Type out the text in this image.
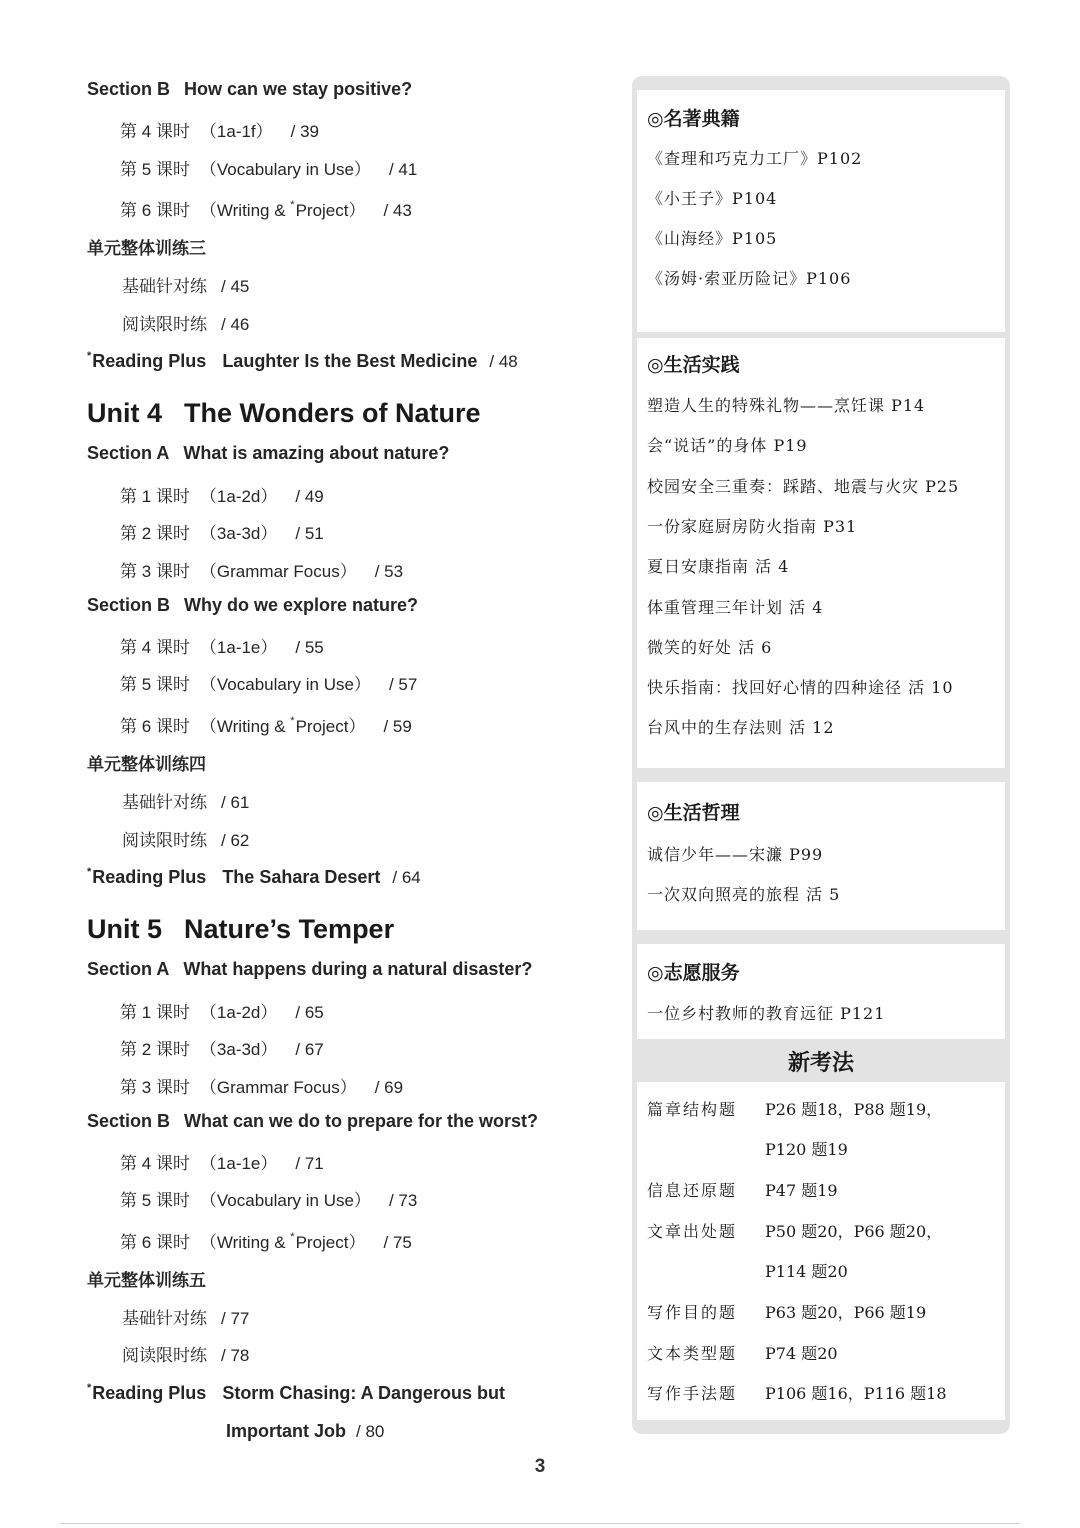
Section B How can we stay positive?
第 4 课时 （1a-1f） / 39
第 5 课时 （Vocabulary in Use） / 41
第 6 课时 （Writing & *Project） / 43
单元整体训练三
基础针对练 / 45
阅读限时练 / 46
*Reading Plus Laughter Is the Best Medicine / 48
Unit 4 The Wonders of Nature
Section A What is amazing about nature?
第 1 课时 （1a-2d） / 49
第 2 课时 （3a-3d） / 51
第 3 课时 （Grammar Focus） / 53
Section B Why do we explore nature?
第 4 课时 （1a-1e） / 55
第 5 课时 （Vocabulary in Use） / 57
第 6 课时 （Writing & *Project） / 59
单元整体训练四
基础针对练 / 61
阅读限时练 / 62
*Reading Plus The Sahara Desert / 64
Unit 5 Nature’s Temper
Section A What happens during a natural disaster?
第 1 课时 （1a-2d） / 65
第 2 课时 （3a-3d） / 67
第 3 课时 （Grammar Focus） / 69
Section B What can we do to prepare for the worst?
第 4 课时 （1a-1e） / 71
第 5 课时 （Vocabulary in Use） / 73
第 6 课时 （Writing & *Project） / 75
单元整体训练五
基础针对练 / 77
阅读限时练 / 78
*Reading Plus Storm Chasing: A Dangerous but
Important Job / 80
3
◎名著典籍
《查理和巧克力工厂》P102
《小王子》P104
《山海经》P105
《汤姆·索亚历险记》P106
◎生活实践
塑造人生的特殊礼物——烹饪课 P14
会“说话”的身体 P19
校园安全三重奏：踩踏、地震与火灾 P25
一份家庭厨房防火指南 P31
夏日安康指南 活 4
体重管理三年计划 活 4
微笑的好处 活 6
快乐指南：找回好心情的四种途径 活 10
台风中的生存法则 活 12
◎生活哲理
诚信少年——宋濂 P99
一次双向照亮的旅程 活 5
◎志愿服务
一位乡村教师的教育远征 P121
新考法
篇章结构题	P26 题18，P88 题19，
P120 题19
信息还原题	P47 题19
文章出处题	P50 题20，P66 题20，
P114 题20
写作目的题	P63 题20，P66 题19
文本类型题	P74 题20
写作手法题	P106 题16，P116 题18
